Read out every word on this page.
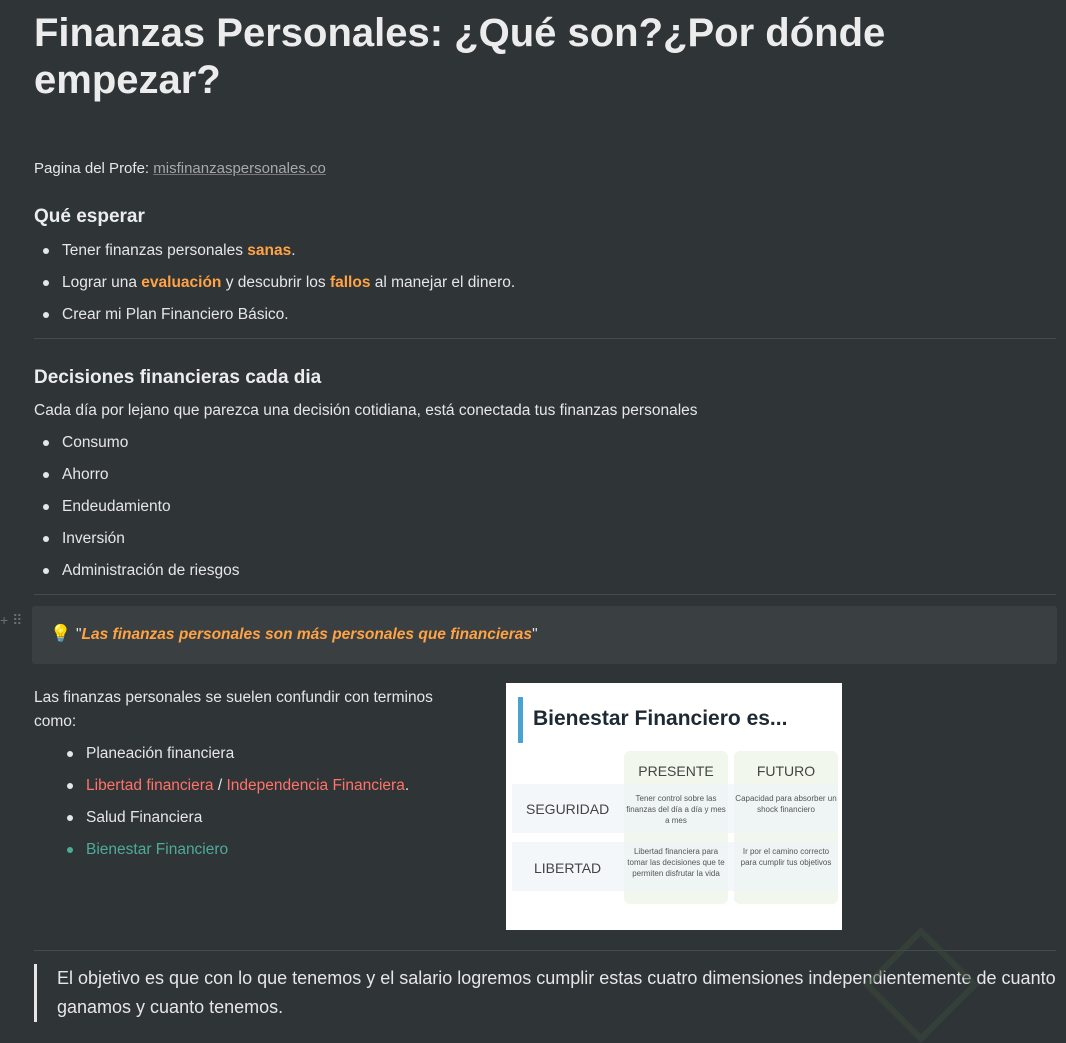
Finanzas Personales: ¿Qué son?¿Por dónde empezar?
Pagina del Profe: misfinanzaspersonales.co
Qué esperar
Tener finanzas personales sanas.
Lograr una evaluación y descubrir los fallos al manejar el dinero.
Crear mi Plan Financiero Básico.
Decisiones financieras cada dia
Cada día por lejano que parezca una decisión cotidiana, está conectada tus finanzas personales
Consumo
Ahorro
Endeudamiento
Inversión
Administración de riesgos
💡 "Las finanzas personales son más personales que financieras"
Las finanzas personales se suelen confundir con terminos como:
Planeación financiera
Libertad financiera / Independencia Financiera.
Salud Financiera
Bienestar Financiero
El objetivo es que con lo que tenemos y el salario logremos cumplir estas cuatro dimensiones independientemente de cuanto ganamos y cuanto tenemos.
+ ⠿
Bienestar Financiero es...
PRESENTE	FUTURO
SEGURIDAD
LIBERTAD
Tener control sobre las finanzas del día a día y mes a mes
Capacidad para absorber un shock financiero
Libertad financiera para tomar las decisiones que te permiten disfrutar la vida
Ir por el camino correcto para cumplir tus objetivos
